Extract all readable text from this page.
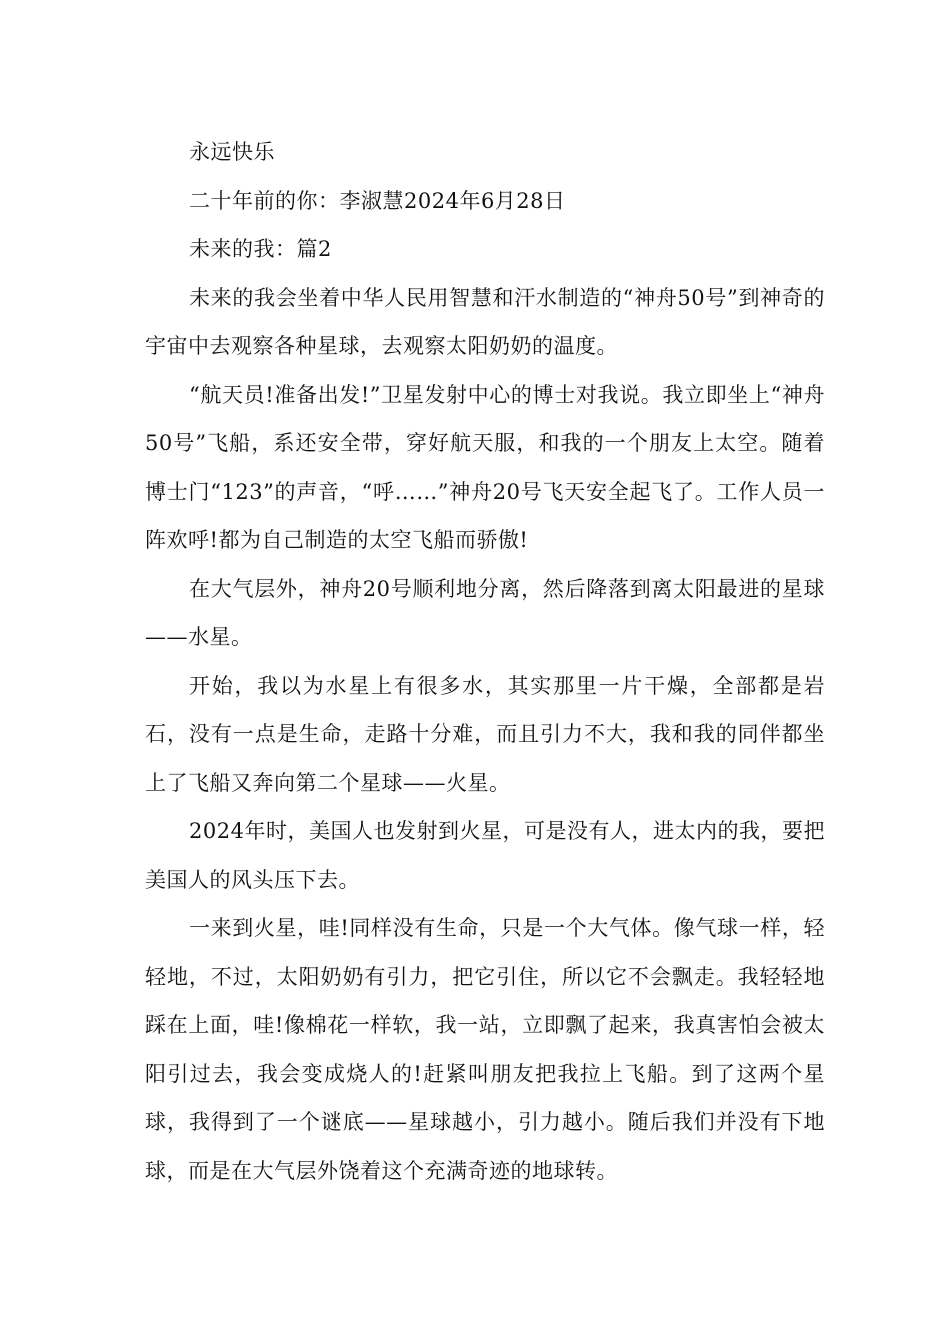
永远快乐

二十年前的你：李淑慧2024年6月28日

未来的我：篇2

未来的我会坐着中华人民用智慧和汗水制造的“神舟50号”到神奇的宇宙中去观察各种星球，去观察太阳奶奶的温度。

“航天员!准备出发!”卫星发射中心的博士对我说。我立即坐上“神舟50号”飞船，系还安全带，穿好航天服，和我的一个朋友上太空。随着博士门“123”的声音，“呼……”神舟20号飞天安全起飞了。工作人员一阵欢呼!都为自己制造的太空飞船而骄傲!

在大气层外，神舟20号顺利地分离，然后降落到离太阳最进的星球——水星。

开始，我以为水星上有很多水，其实那里一片干燥，全部都是岩石，没有一点是生命，走路十分难，而且引力不大，我和我的同伴都坐上了飞船又奔向第二个星球——火星。

2024年时，美国人也发射到火星，可是没有人，进太内的我，要把美国人的风头压下去。

一来到火星，哇!同样没有生命，只是一个大气体。像气球一样，轻轻地，不过，太阳奶奶有引力，把它引住，所以它不会飘走。我轻轻地踩在上面，哇!像棉花一样软，我一站，立即飘了起来，我真害怕会被太阳引过去，我会变成烧人的!赶紧叫朋友把我拉上飞船。到了这两个星球，我得到了一个谜底——星球越小，引力越小。随后我们并没有下地球，而是在大气层外饶着这个充满奇迹的地球转。
